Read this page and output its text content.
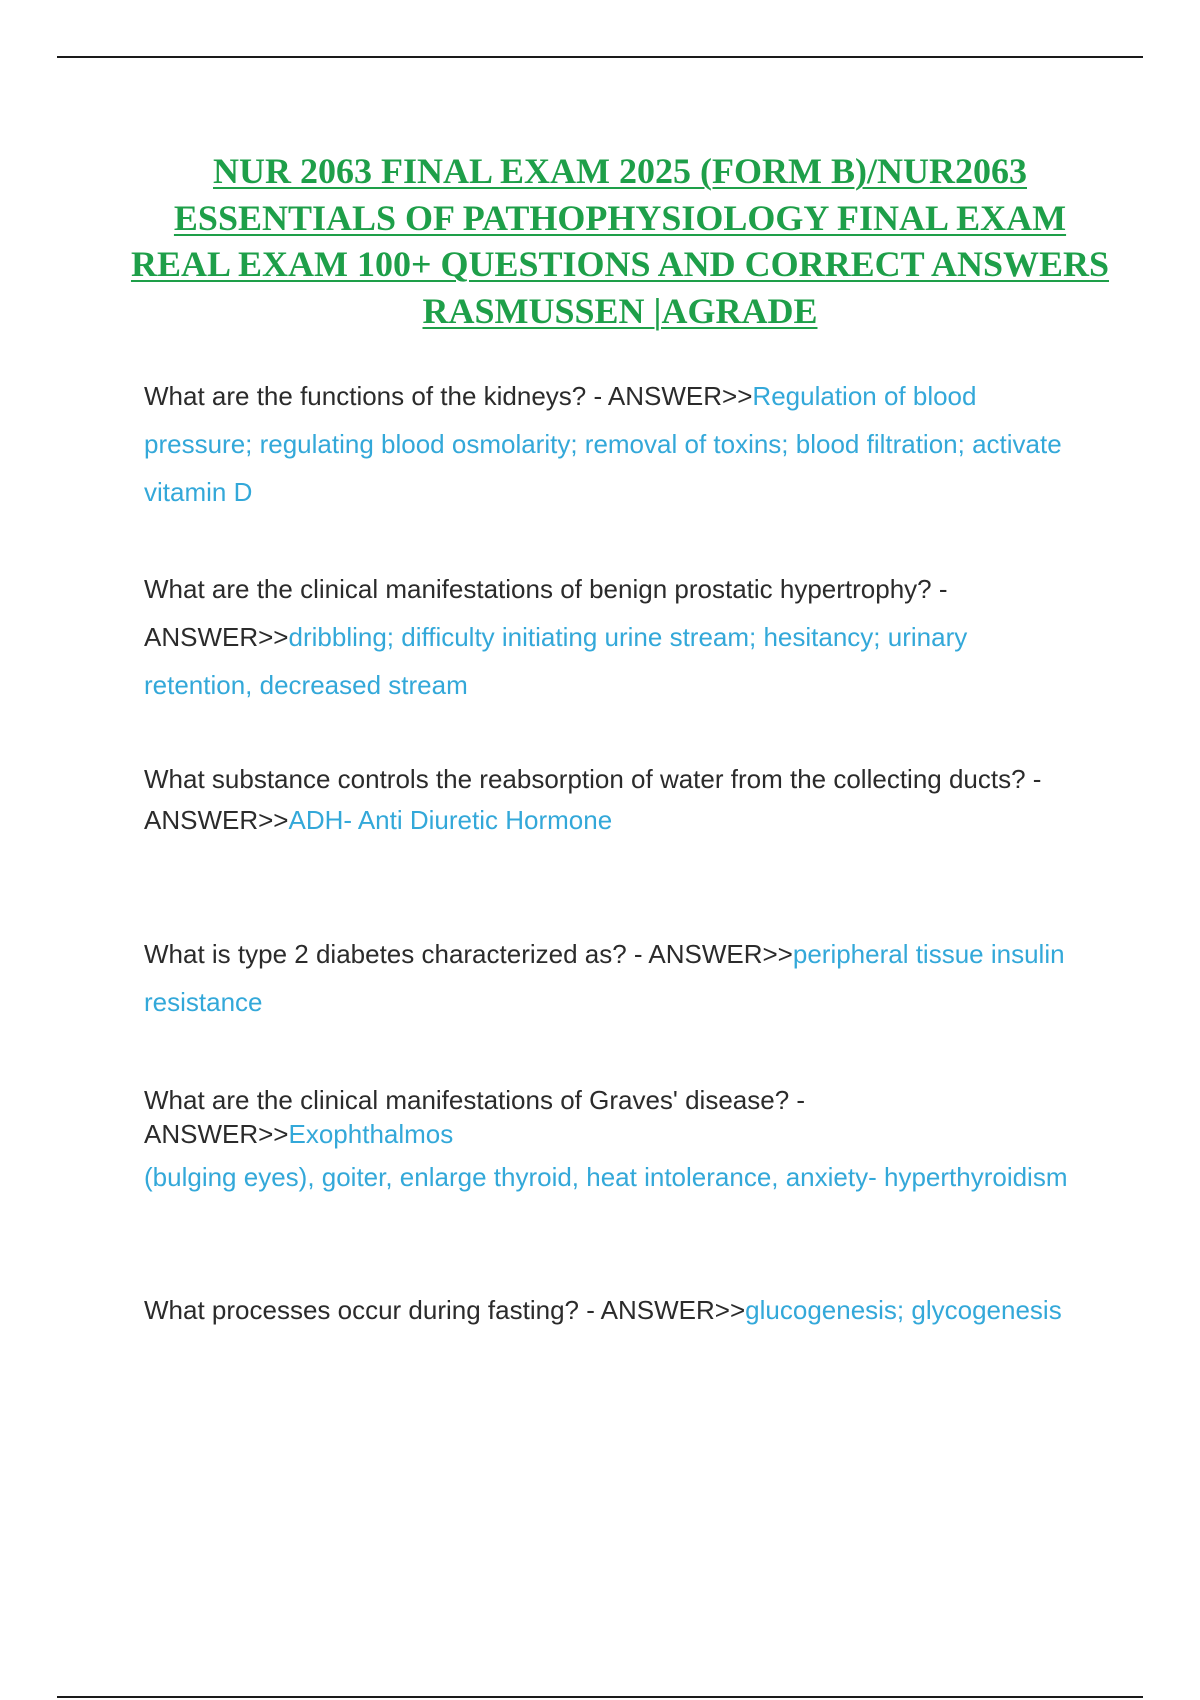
NUR 2063 FINAL EXAM 2025 (FORM B)/NUR2063 ESSENTIALS OF PATHOPHYSIOLOGY FINAL EXAM REAL EXAM 100+ QUESTIONS AND CORRECT ANSWERS RASMUSSEN |AGRADE

What are the functions of the kidneys? - ANSWER>>Regulation of blood pressure; regulating blood osmolarity; removal of toxins; blood filtration; activate vitamin D

What are the clinical manifestations of benign prostatic hypertrophy? - ANSWER>>dribbling; difficulty initiating urine stream; hesitancy; urinary retention, decreased stream

What substance controls the reabsorption of water from the collecting ducts? -
ANSWER>>ADH- Anti Diuretic Hormone

What is type 2 diabetes characterized as? - ANSWER>>peripheral tissue insulin resistance

What are the clinical manifestations of Graves' disease? - ANSWER>>Exophthalmos
(bulging eyes), goiter, enlarge thyroid, heat intolerance, anxiety- hyperthyroidism

What processes occur during fasting? - ANSWER>>glucogenesis; glycogenesis
